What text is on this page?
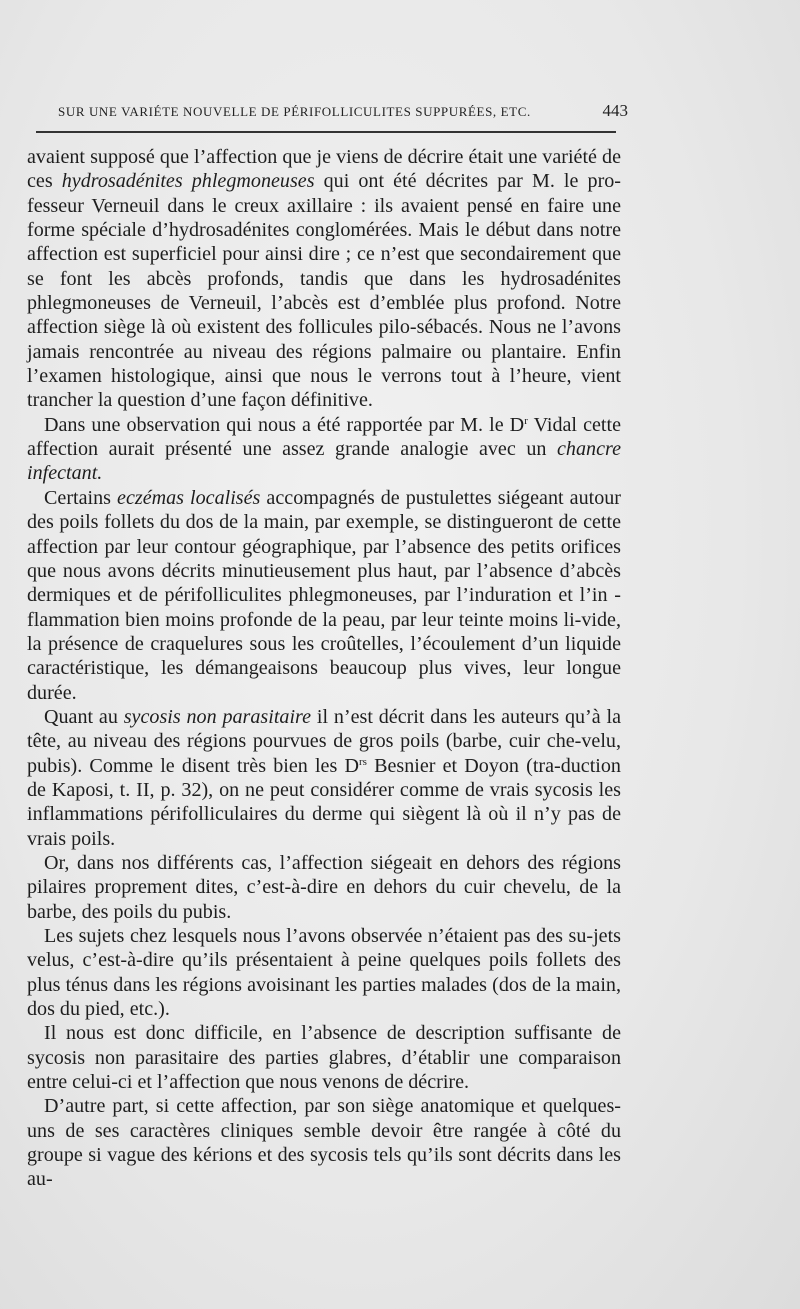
SUR UNE VARIÉTE NOUVELLE DE PÉRIFOLLICULITES SUPPURÉES, ETC.	443

avaient supposé que l’affection que je viens de décrire était une variété de ces hydrosadénites phlegmoneuses qui ont été décrites par M. le pro-fesseur Verneuil dans le creux axillaire : ils avaient pensé en faire une forme spéciale d’hydrosadénites conglomérées. Mais le début dans notre affection est superficiel pour ainsi dire ; ce n’est que secondairement que se font les abcès profonds, tandis que dans les hydrosadénites phlegmoneuses de Verneuil, l’abcès est d’emblée plus profond. Notre affection siège là où existent des follicules pilo-sébacés. Nous ne l’avons jamais rencontrée au niveau des régions palmaire ou plantaire. Enfin l’examen histologique, ainsi que nous le verrons tout à l’heure, vient trancher la question d’une façon définitive.

Dans une observation qui nous a été rapportée par M. le $D^r$ Vidal cette affection aurait présenté une assez grande analogie avec un chancre infectant.

Certains eczémas localisés accompagnés de pustulettes siégeant autour des poils follets du dos de la main, par exemple, se distingueront de cette affection par leur contour géographique, par l’absence des petits orifices que nous avons décrits minutieusement plus haut, par l’absence d’abcès dermiques et de périfolliculites phlegmoneuses, par l’induration et l’in - flammation bien moins profonde de la peau, par leur teinte moins li-vide, la présence de craquelures sous les croûtelles, l’écoulement d’un liquide caractéristique, les démangeaisons beaucoup plus vives, leur longue durée.

Quant au sycosis non parasitaire il n’est décrit dans les auteurs qu’à la tête, au niveau des régions pourvues de gros poils (barbe, cuir che-velu, pubis). Comme le disent très bien les $D^{rs}$ Besnier et Doyon (tra-duction de Kaposi, t. II, p. 32), on ne peut considérer comme de vrais sycosis les inflammations périfolliculaires du derme qui siègent là où il n’y pas de vrais poils.

Or, dans nos différents cas, l’affection siégeait en dehors des régions pilaires proprement dites, c’est-à-dire en dehors du cuir chevelu, de la barbe, des poils du pubis.

Les sujets chez lesquels nous l’avons observée n’étaient pas des su-jets velus, c’est-à-dire qu’ils présentaient à peine quelques poils follets des plus ténus dans les régions avoisinant les parties malades (dos de la main, dos du pied, etc.).

Il nous est donc difficile, en l’absence de description suffisante de sycosis non parasitaire des parties glabres, d’établir une comparaison entre celui-ci et l’affection que nous venons de décrire.

D’autre part, si cette affection, par son siège anatomique et quelques-uns de ses caractères cliniques semble devoir être rangée à côté du groupe si vague des kérions et des sycosis tels qu’ils sont décrits dans les au-
